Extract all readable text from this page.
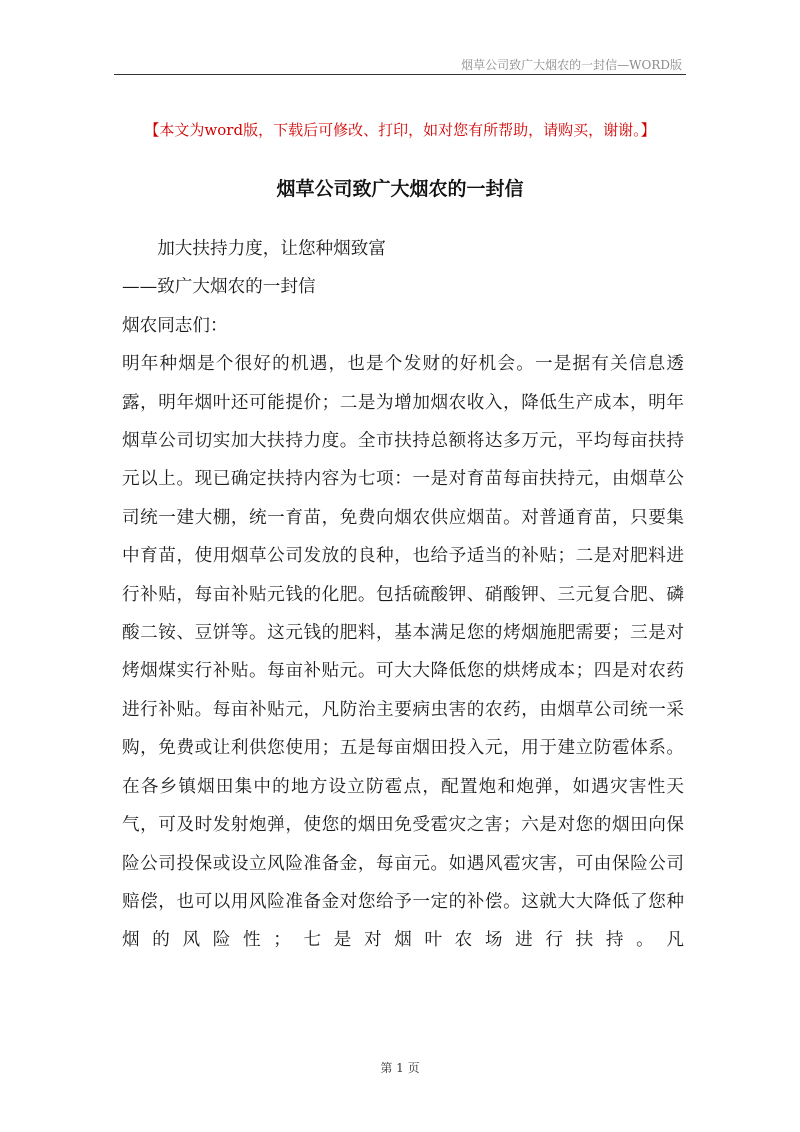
烟草公司致广大烟农的一封信—WORD版
【本文为word版，下载后可修改、打印，如对您有所帮助，请购买，谢谢。】
烟草公司致广大烟农的一封信

加大扶持力度，让您种烟致富

——致广大烟农的一封信

烟农同志们：

明年种烟是个很好的机遇，也是个发财的好机会。一是据有关信息透露，明年烟叶还可能提价；二是为增加烟农收入，降低生产成本，明年烟草公司切实加大扶持力度。全市扶持总额将达多万元，平均每亩扶持元以上。现已确定扶持内容为七项：一是对育苗每亩扶持元，由烟草公司统一建大棚，统一育苗，免费向烟农供应烟苗。对普通育苗，只要集中育苗，使用烟草公司发放的良种，也给予适当的补贴；二是对肥料进行补贴，每亩补贴元钱的化肥。包括硫酸钾、硝酸钾、三元复合肥、磷酸二铵、豆饼等。这元钱的肥料，基本满足您的烤烟施肥需要；三是对烤烟煤实行补贴。每亩补贴元。可大大降低您的烘烤成本；四是对农药进行补贴。每亩补贴元，凡防治主要病虫害的农药，由烟草公司统一采购，免费或让利供您使用；五是每亩烟田投入元，用于建立防雹体系。在各乡镇烟田集中的地方设立防雹点，配置炮和炮弹，如遇灾害性天气，可及时发射炮弹，使您的烟田免受雹灾之害；六是对您的烟田向保险公司投保或设立风险准备金，每亩元。如遇风雹灾害，可由保险公司赔偿，也可以用风险准备金对您给予一定的补偿。这就大大降低了您种烟的风险性；七是对烟叶农场进行扶持。凡

第 1 页
